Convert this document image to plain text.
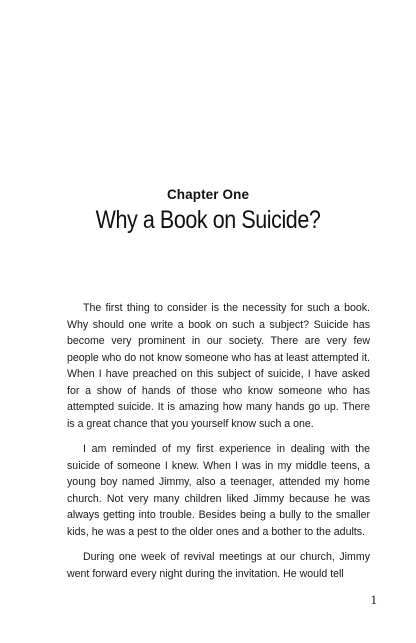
Chapter One
Why a Book on Suicide?

The first thing to consider is the necessity for such a book. Why should one write a book on such a subject? Suicide has become very prominent in our society. There are very few people who do not know someone who has at least attempted it. When I have preached on this subject of suicide, I have asked for a show of hands of those who know someone who has attempted suicide. It is amazing how many hands go up. There is a great chance that you yourself know such a one.

I am reminded of my first experience in dealing with the suicide of someone I knew. When I was in my middle teens, a young boy named Jimmy, also a teenager, attended my home church. Not very many children liked Jimmy because he was always getting into trouble. Besides being a bully to the smaller kids, he was a pest to the older ones and a bother to the adults.

During one week of revival meetings at our church, Jimmy went forward every night during the invitation. He would tell

1
